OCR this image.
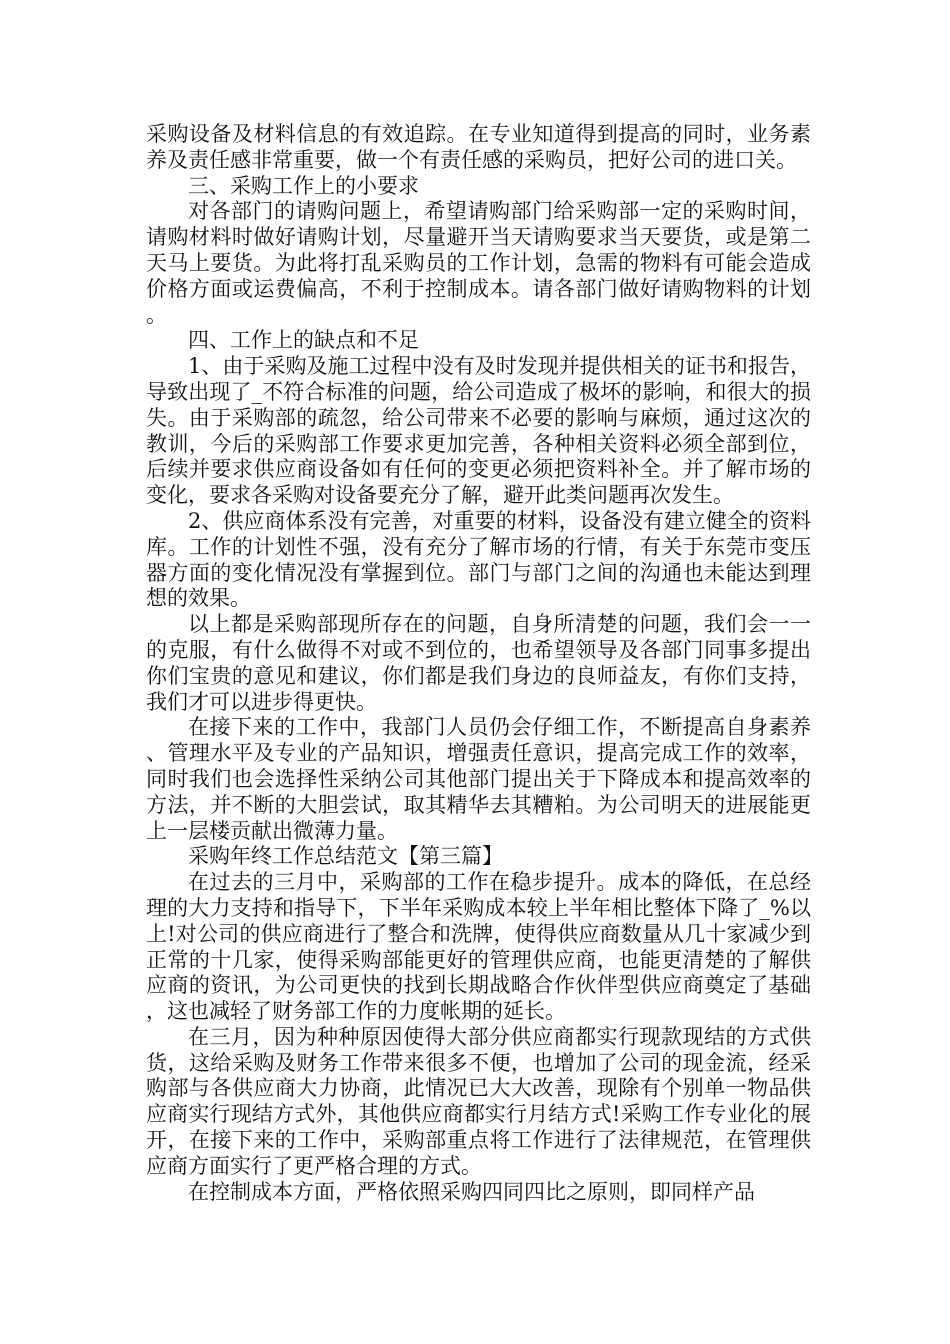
采购设备及材料信息的有效追踪。在专业知道得到提高的同时，业务素养及责任感非常重要，做一个有责任感的采购员，把好公司的进口关。

三、采购工作上的小要求

对各部门的请购问题上，希望请购部门给采购部一定的采购时间，请购材料时做好请购计划，尽量避开当天请购要求当天要货，或是第二天马上要货。为此将打乱采购员的工作计划，急需的物料有可能会造成价格方面或运费偏高，不利于控制成本。请各部门做好请购物料的计划。

四、工作上的缺点和不足

1、由于采购及施工过程中没有及时发现并提供相关的证书和报告，导致出现了_不符合标准的问题，给公司造成了极坏的影响，和很大的损失。由于采购部的疏忽，给公司带来不必要的影响与麻烦，通过这次的教训，今后的采购部工作要求更加完善，各种相关资料必须全部到位，后续并要求供应商设备如有任何的变更必须把资料补全。并了解市场的变化，要求各采购对设备要充分了解，避开此类问题再次发生。

2、供应商体系没有完善，对重要的材料，设备没有建立健全的资料库。工作的计划性不强，没有充分了解市场的行情，有关于东莞市变压器方面的变化情况没有掌握到位。部门与部门之间的沟通也未能达到理想的效果。

以上都是采购部现所存在的问题，自身所清楚的问题，我们会一一的克服，有什么做得不对或不到位的，也希望领导及各部门同事多提出你们宝贵的意见和建议，你们都是我们身边的良师益友，有你们支持，我们才可以进步得更快。

在接下来的工作中，我部门人员仍会仔细工作，不断提高自身素养、管理水平及专业的产品知识，增强责任意识，提高完成工作的效率，同时我们也会选择性采纳公司其他部门提出关于下降成本和提高效率的方法，并不断的大胆尝试，取其精华去其糟粕。为公司明天的进展能更上一层楼贡献出微薄力量。

采购年终工作总结范文【第三篇】

在过去的三月中，采购部的工作在稳步提升。成本的降低，在总经理的大力支持和指导下，下半年采购成本较上半年相比整体下降了_%以上!对公司的供应商进行了整合和洗牌，使得供应商数量从几十家减少到正常的十几家，使得采购部能更好的管理供应商，也能更清楚的了解供应商的资讯，为公司更快的找到长期战略合作伙伴型供应商奠定了基础，这也减轻了财务部工作的力度帐期的延长。

在三月，因为种种原因使得大部分供应商都实行现款现结的方式供货，这给采购及财务工作带来很多不便，也增加了公司的现金流，经采购部与各供应商大力协商，此情况已大大改善，现除有个别单一物品供应商实行现结方式外，其他供应商都实行月结方式!采购工作专业化的展开，在接下来的工作中，采购部重点将工作进行了法律规范，在管理供应商方面实行了更严格合理的方式。

在控制成本方面，严格依照采购四同四比之原则，即同样产品
